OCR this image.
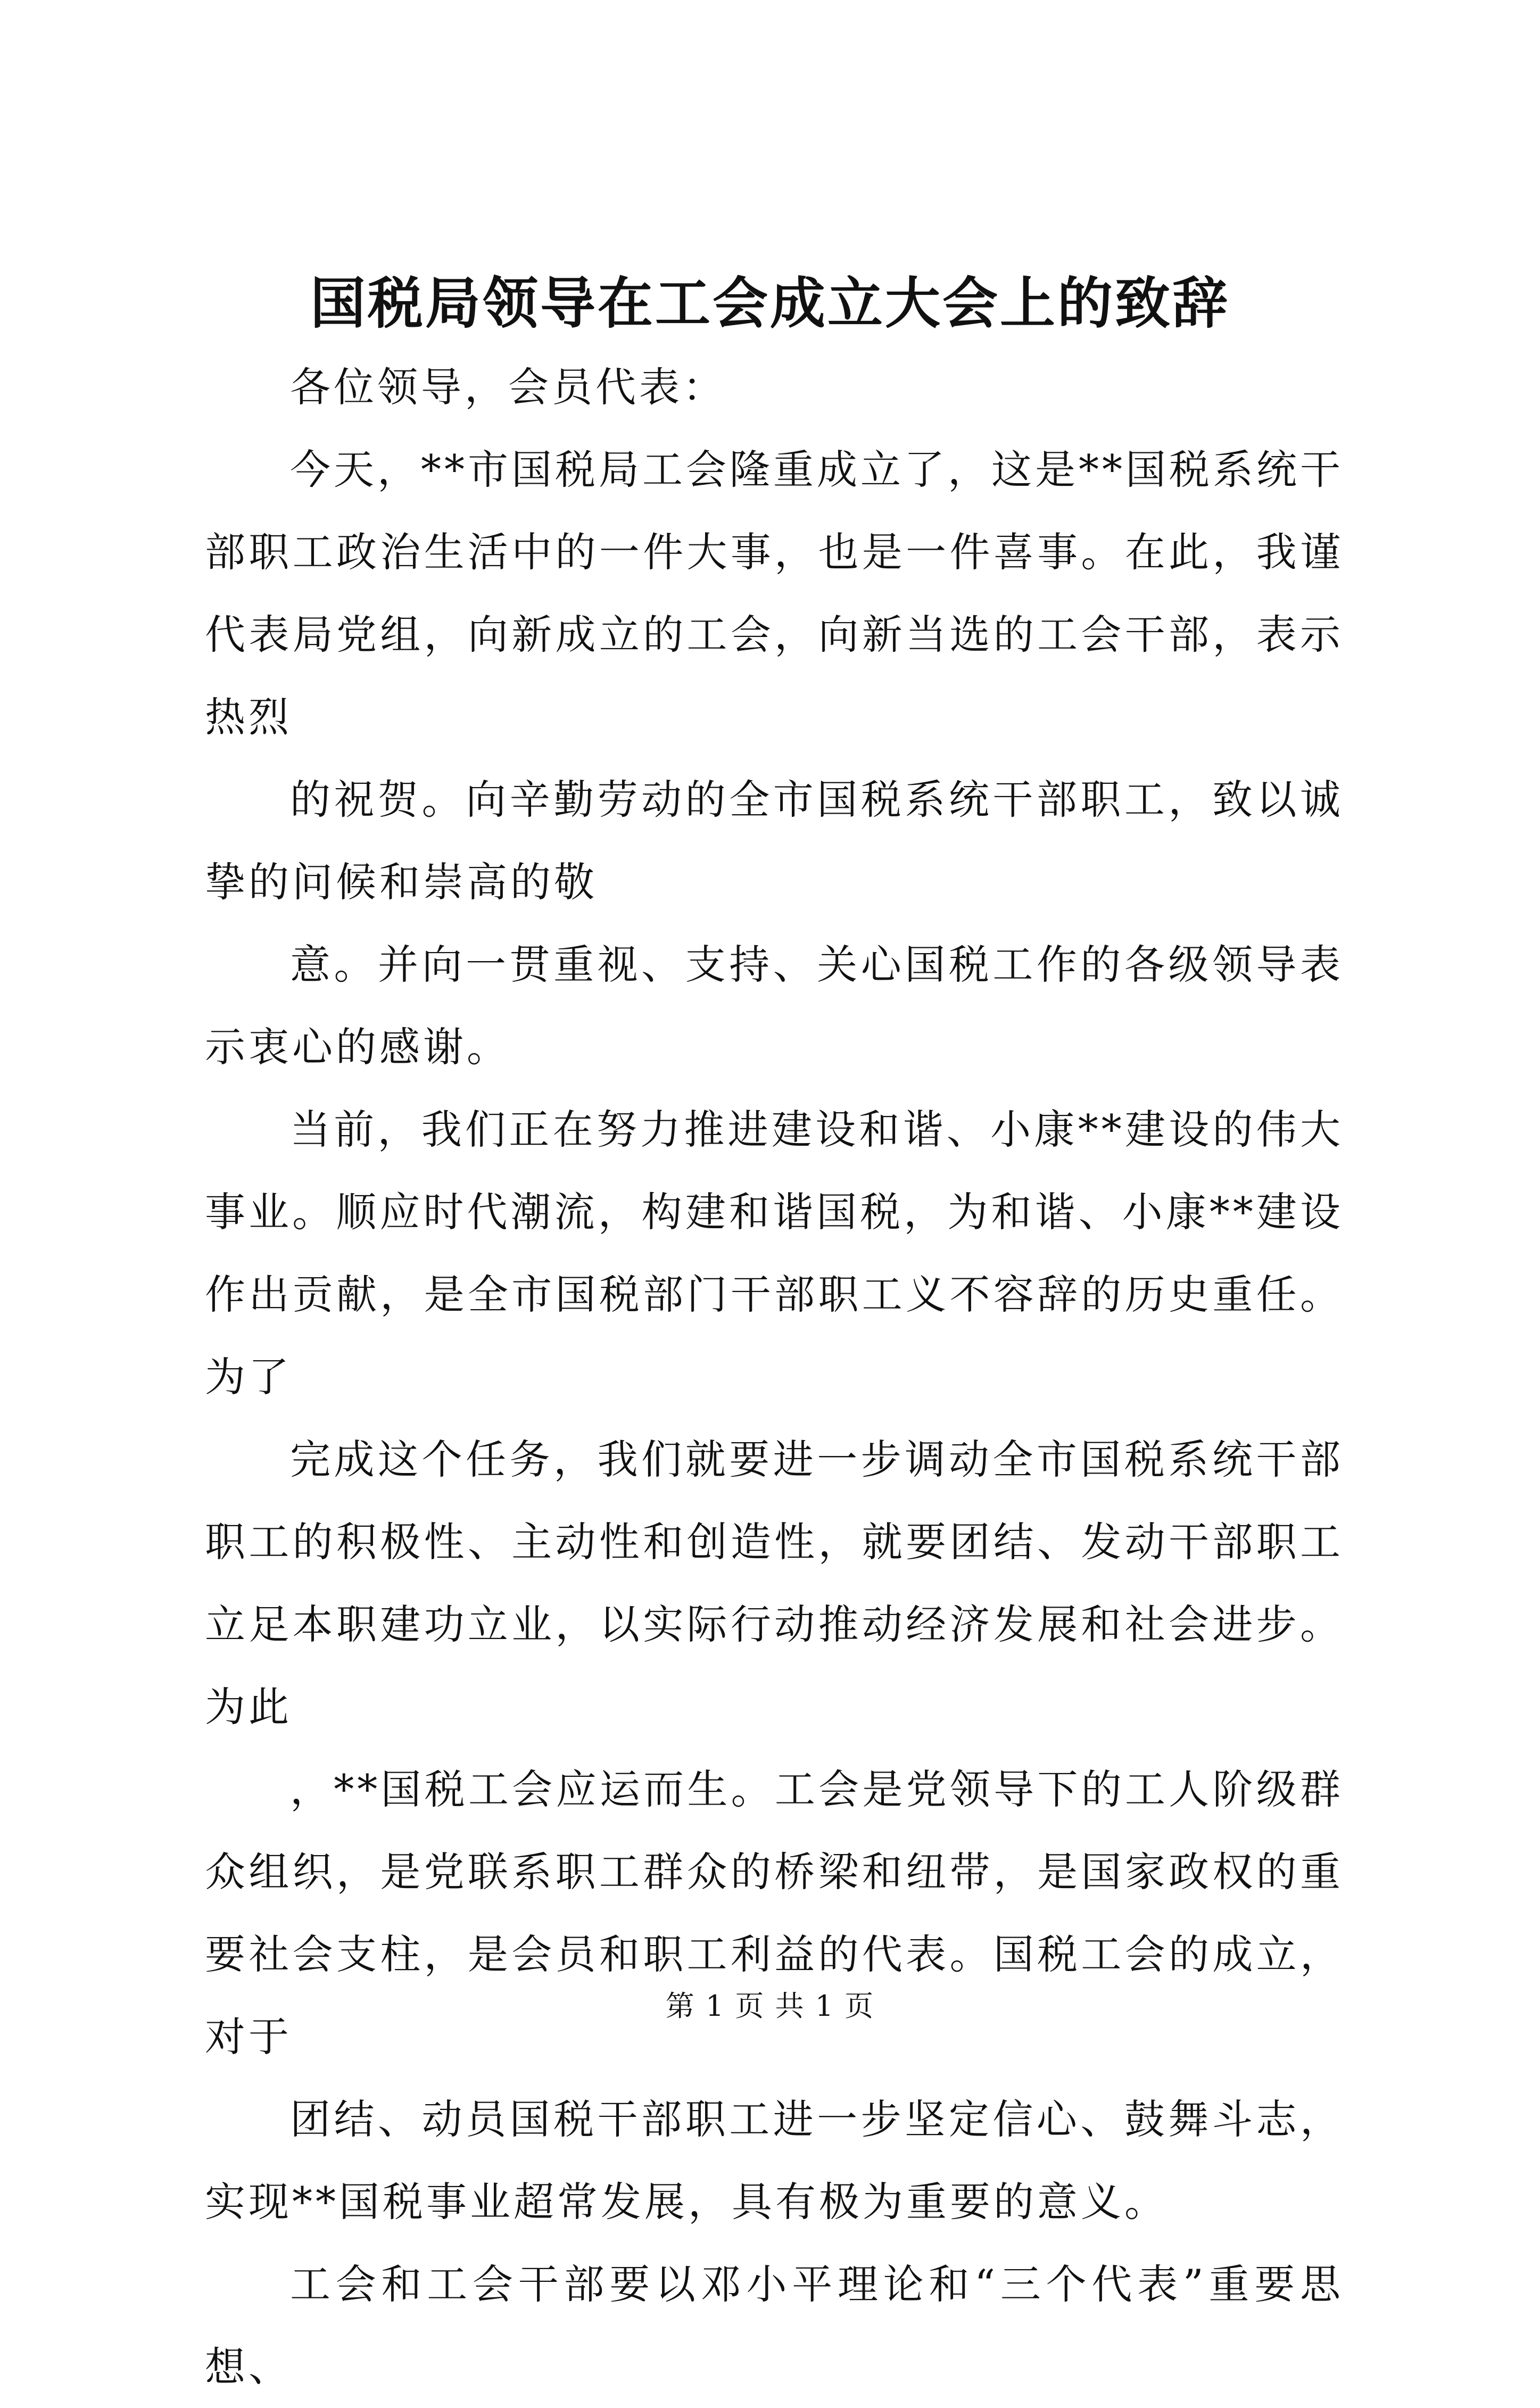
国税局领导在工会成立大会上的致辞

各位领导，会员代表：

今天，**市国税局工会隆重成立了，这是**国税系统干部职工政治生活中的一件大事，也是一件喜事。在此，我谨代表局党组，向新成立的工会，向新当选的工会干部，表示热烈

的祝贺。向辛勤劳动的全市国税系统干部职工，致以诚挚的问候和崇高的敬

意。并向一贯重视、支持、关心国税工作的各级领导表示衷心的感谢。

当前，我们正在努力推进建设和谐、小康**建设的伟大事业。顺应时代潮流，构建和谐国税，为和谐、小康**建设作出贡献，是全市国税部门干部职工义不容辞的历史重任。为了

完成这个任务，我们就要进一步调动全市国税系统干部职工的积极性、主动性和创造性，就要团结、发动干部职工立足本职建功立业，以实际行动推动经济发展和社会进步。为此

，**国税工会应运而生。工会是党领导下的工人阶级群众组织，是党联系职工群众的桥梁和纽带，是国家政权的重要社会支柱，是会员和职工利益的代表。国税工会的成立，对于

团结、动员国税干部职工进一步坚定信心、鼓舞斗志，实现**国税事业超常发展，具有极为重要的意义。

工会和工会干部要以邓小平理论和“三个代表”重要思想、

第 1 页 共 1 页
